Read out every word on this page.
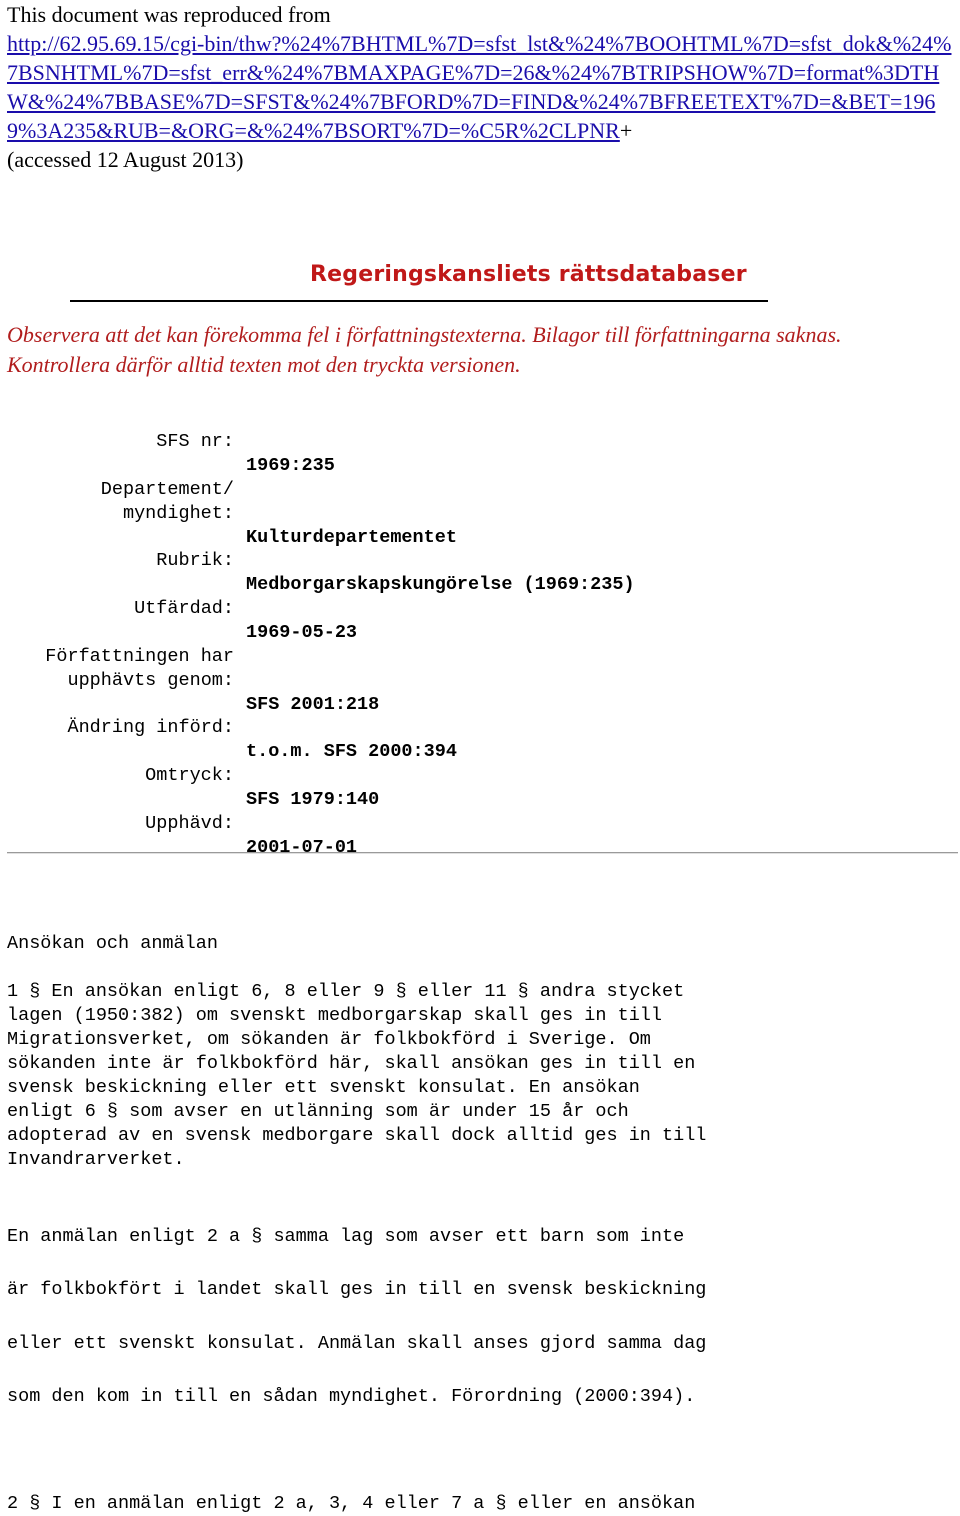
This document was reproduced from
http://62.95.69.15/cgi-bin/thw?%24%7BHTML%7D=sfst_lst&%24%7BOOHTML%7D=sfst_dok&%24%7BSNHTML%7D=sfst_err&%24%7BMAXPAGE%7D=26&%24%7BTRIPSHOW%7D=format%3DTHW&%24%7BBASE%7D=SFST&%24%7BFORD%7D=FIND&%24%7BFREETEXT%7D=&BET=1969%3A235&RUB=&ORG=&%24%7BSORT%7D=%C5R%2CLPNR+
(accessed 12 August 2013)
Regeringskansliets rättsdatabaser
Observera att det kan förekomma fel i författningstexterna. Bilagor till författningarna saknas. Kontrollera därför alltid texten mot den tryckta versionen.

SFS nr:

1969:235

Departement/

myndighet:

Kulturdepartementet

Rubrik:

Medborgarskapskungörelse (1969:235)

Utfärdad:

1969-05-23

Författningen har

upphävts genom:

SFS 2001:218

Ändring införd:

t.o.m. SFS 2000:394

Omtryck:

SFS 1979:140

Upphävd:

2001-07-01

Ansökan och anmälan
1 § En ansökan enligt 6, 8 eller 9 § eller 11 § andra stycket
lagen (1950:382) om svenskt medborgarskap skall ges in till
Migrationsverket, om sökanden är folkbokförd i Sverige. Om
sökanden inte är folkbokförd här, skall ansökan ges in till en
svensk beskickning eller ett svenskt konsulat. En ansökan
enligt 6 § som avser en utlänning som är under 15 år och
adopterad av en svensk medborgare skall dock alltid ges in till
Invandrarverket.
En anmälan enligt 2 a § samma lag som avser ett barn som inte
är folkbokfört i landet skall ges in till en svensk beskickning
eller ett svenskt konsulat. Anmälan skall anses gjord samma dag
som den kom in till en sådan myndighet. Förordning (2000:394).
2 § I en anmälan enligt 2 a, 3, 4 eller 7 a § eller en ansökan
